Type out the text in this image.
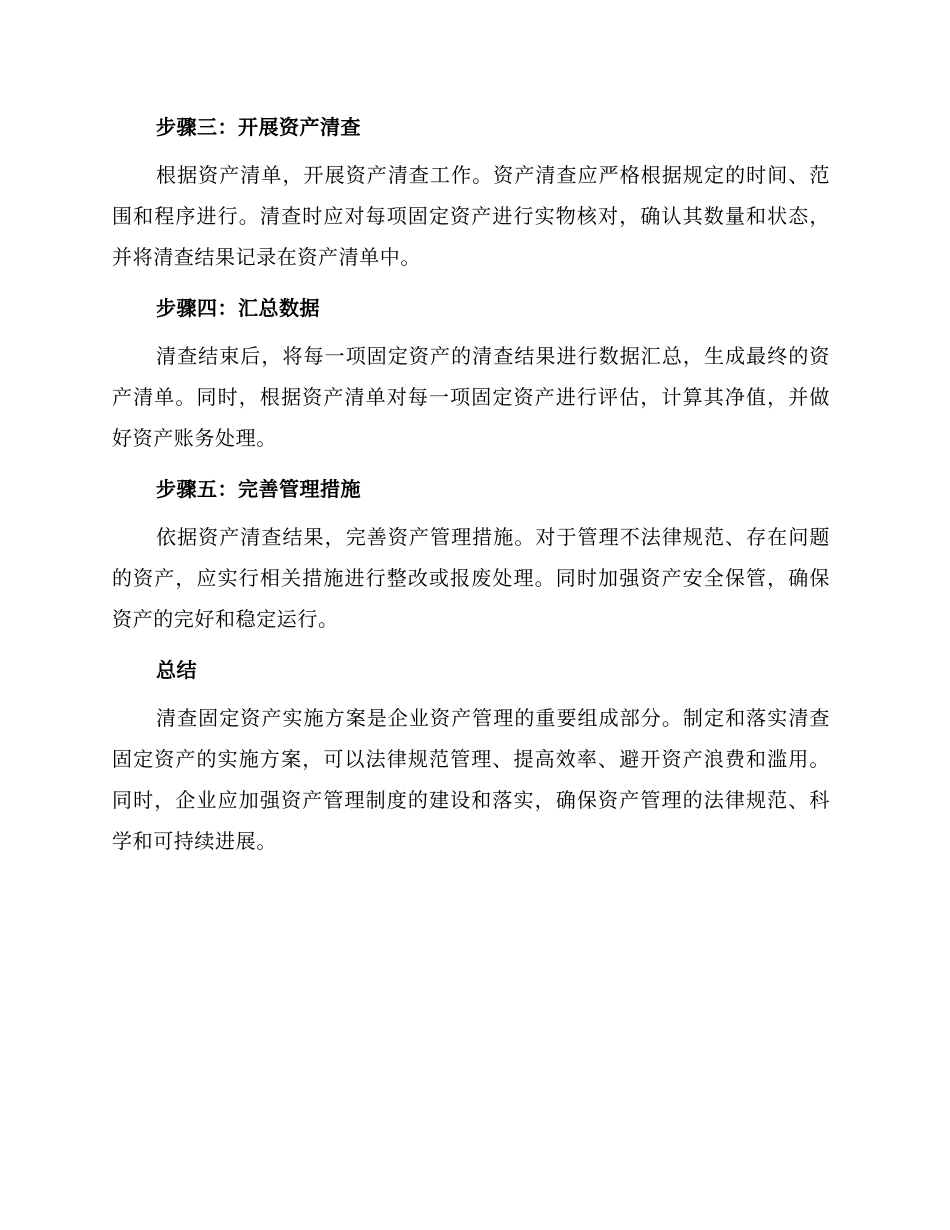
步骤三：开展资产清查

根据资产清单，开展资产清查工作。资产清查应严格根据规定的时间、范围和程序进行。清查时应对每项固定资产进行实物核对，确认其数量和状态，并将清查结果记录在资产清单中。

步骤四：汇总数据

清查结束后，将每一项固定资产的清查结果进行数据汇总，生成最终的资产清单。同时，根据资产清单对每一项固定资产进行评估，计算其净值，并做好资产账务处理。

步骤五：完善管理措施

依据资产清查结果，完善资产管理措施。对于管理不法律规范、存在问题的资产，应实行相关措施进行整改或报废处理。同时加强资产安全保管，确保资产的完好和稳定运行。

总结

清查固定资产实施方案是企业资产管理的重要组成部分。制定和落实清查固定资产的实施方案，可以法律规范管理、提高效率、避开资产浪费和滥用。同时，企业应加强资产管理制度的建设和落实，确保资产管理的法律规范、科学和可持续进展。
